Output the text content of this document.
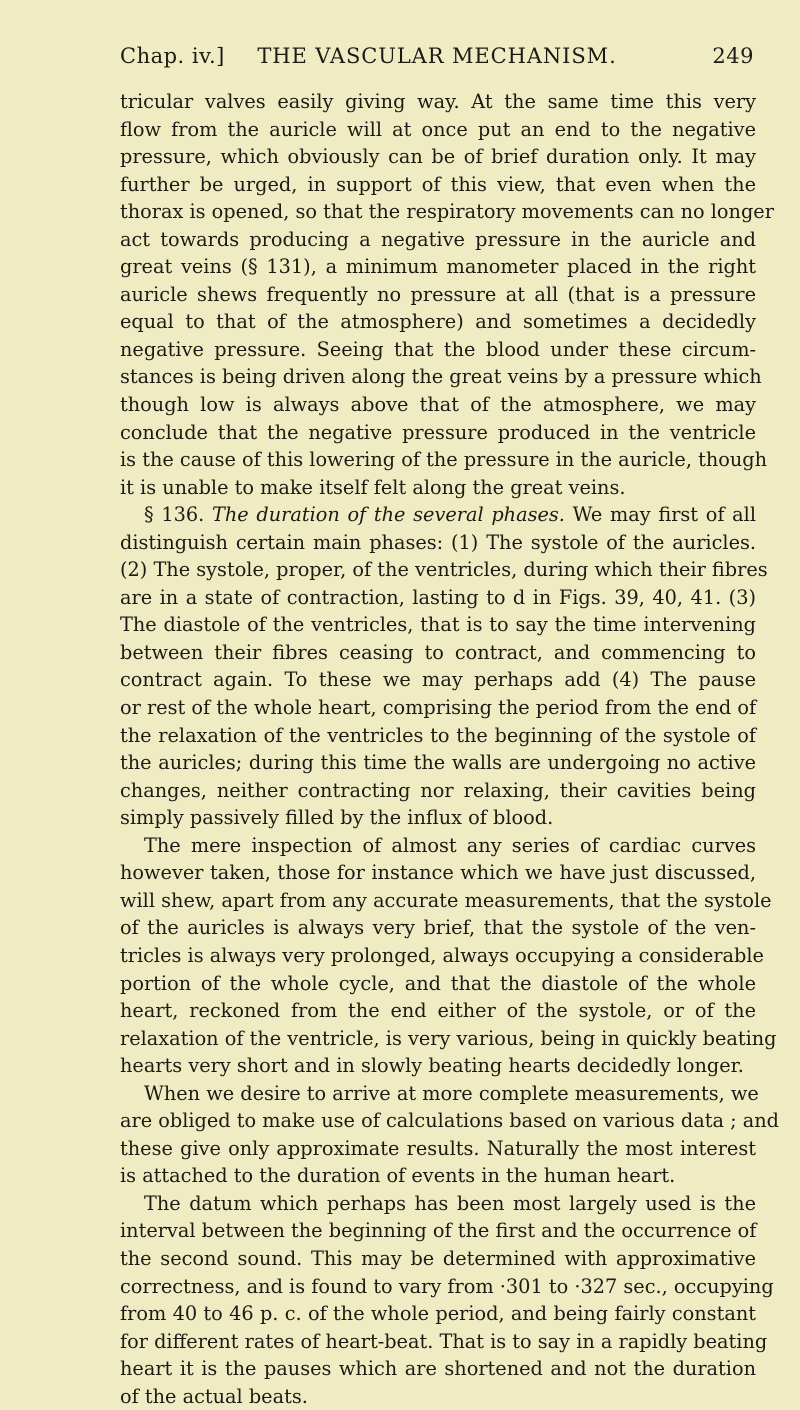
Chap. iv.]	THE VASCULAR MECHANISM.	249
tricular valves easily giving way. At the same time this very
flow from the auricle will at once put an end to the negative
pressure, which obviously can be of brief duration only. It may
further be urged, in support of this view, that even when the
thorax is opened, so that the respiratory movements can no longer
act towards producing a negative pressure in the auricle and
great veins (§ 131), a minimum manometer placed in the right
auricle shews frequently no pressure at all (that is a pressure
equal to that of the atmosphere) and sometimes a decidedly
negative pressure. Seeing that the blood under these circum-
stances is being driven along the great veins by a pressure which
though low is always above that of the atmosphere, we may
conclude that the negative pressure produced in the ventricle
is the cause of this lowering of the pressure in the auricle, though
it is unable to make itself felt along the great veins.
§ 136. The duration of the several phases. We may first of all
distinguish certain main phases: (1) The systole of the auricles.
(2) The systole, proper, of the ventricles, during which their fibres
are in a state of contraction, lasting to d in Figs. 39, 40, 41. (3)
The diastole of the ventricles, that is to say the time intervening
between their fibres ceasing to contract, and commencing to
contract again. To these we may perhaps add (4) The pause
or rest of the whole heart, comprising the period from the end of
the relaxation of the ventricles to the beginning of the systole of
the auricles; during this time the walls are undergoing no active
changes, neither contracting nor relaxing, their cavities being
simply passively filled by the influx of blood.
The mere inspection of almost any series of cardiac curves
however taken, those for instance which we have just discussed,
will shew, apart from any accurate measurements, that the systole
of the auricles is always very brief, that the systole of the ven-
tricles is always very prolonged, always occupying a considerable
portion of the whole cycle, and that the diastole of the whole
heart, reckoned from the end either of the systole, or of the
relaxation of the ventricle, is very various, being in quickly beating
hearts very short and in slowly beating hearts decidedly longer.
When we desire to arrive at more complete measurements, we
are obliged to make use of calculations based on various data ; and
these give only approximate results. Naturally the most interest
is attached to the duration of events in the human heart.
The datum which perhaps has been most largely used is the
interval between the beginning of the first and the occurrence of
the second sound. This may be determined with approximative
correctness, and is found to vary from ·301 to ·327 sec., occupying
from 40 to 46 p. c. of the whole period, and being fairly constant
for different rates of heart-beat. That is to say in a rapidly beating
heart it is the pauses which are shortened and not the duration
of the actual beats.
